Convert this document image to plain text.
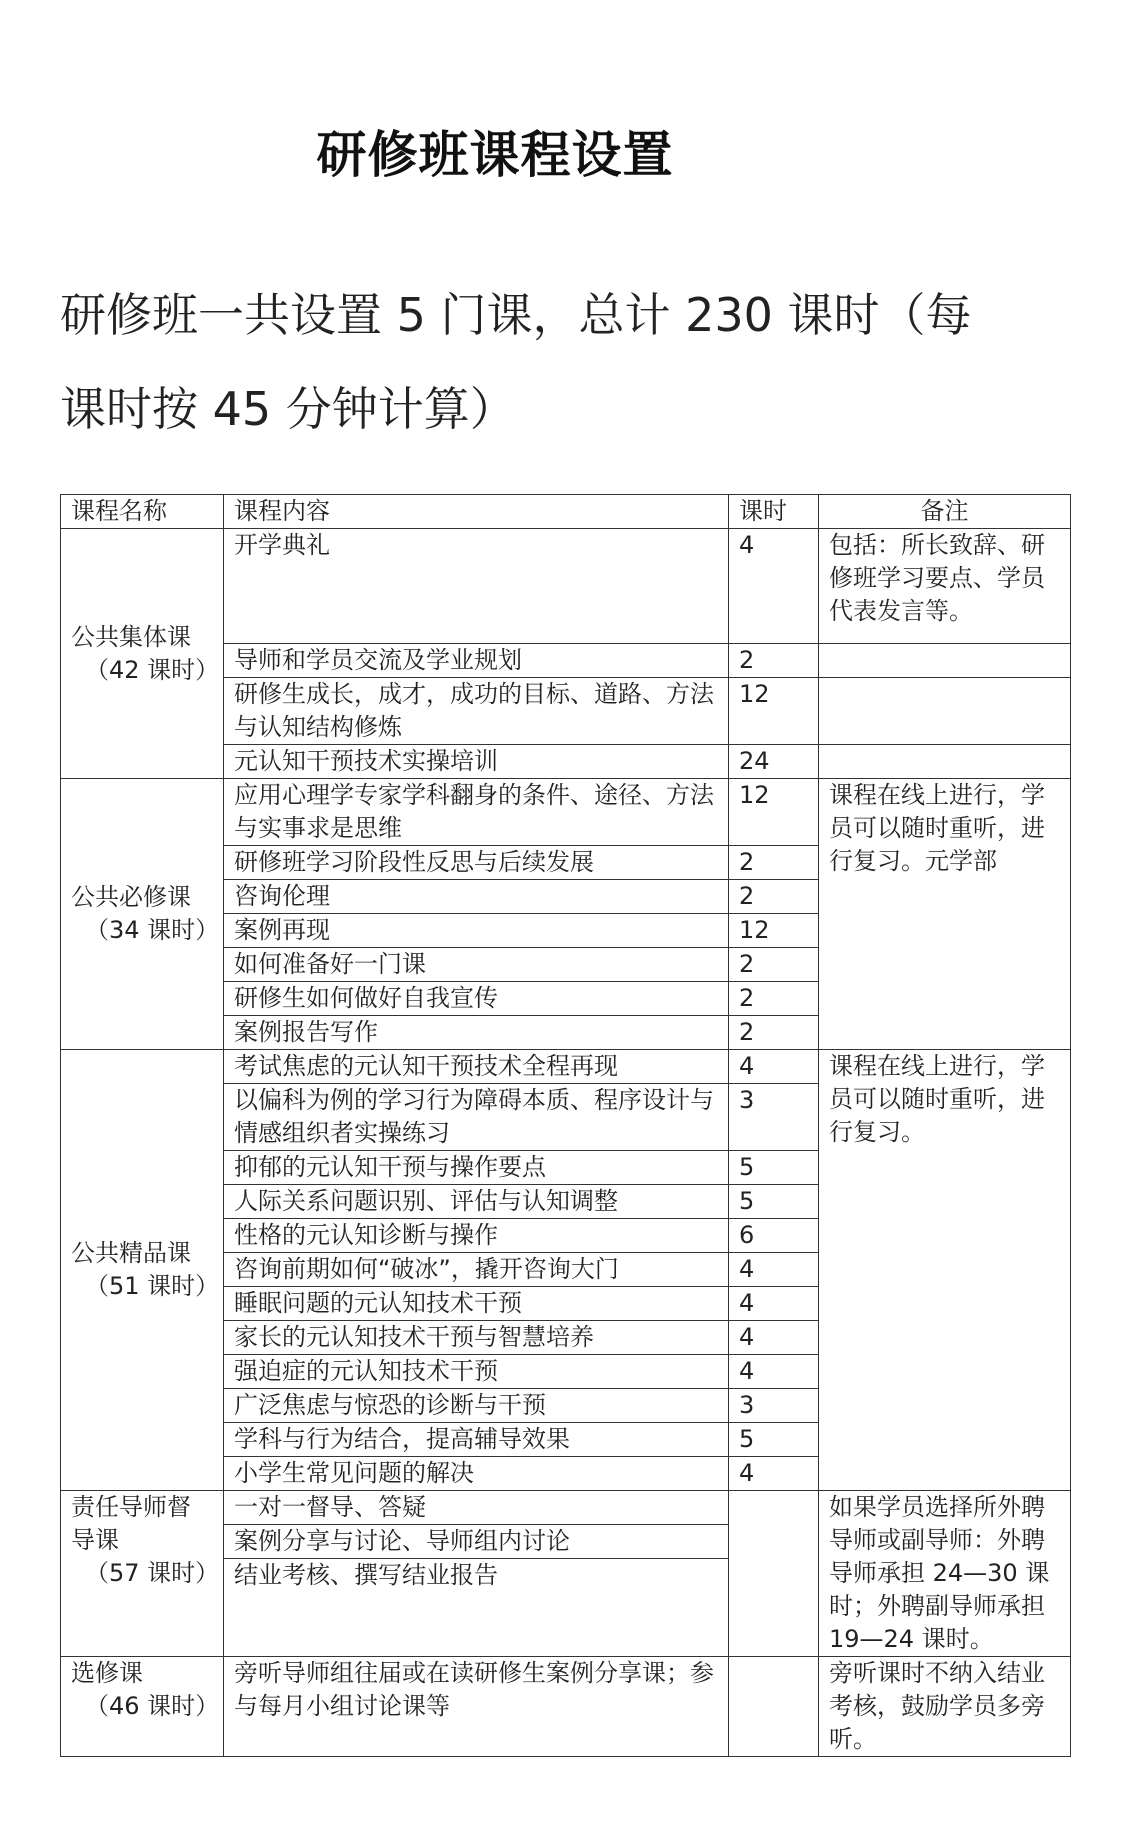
研修班课程设置

研修班一共设置 5 门课，总计 230 课时（每
课时按 45 分钟计算）

课程名称	课程内容	课时	备注

公共集体课
（42 课时）	开学典礼	4	包括：所长致辞、研修班学习要点、学员代表发言等。
	导师和学员交流及学业规划	2	
	研修生成长，成才，成功的目标、道路、方法与认知结构修炼	12	
	元认知干预技术实操培训	24	

公共必修课
（34 课时）	应用心理学专家学科翻身的条件、途径、方法与实事求是思维	12	课程在线上进行，学员可以随时重听，进行复习。元学部
	研修班学习阶段性反思与后续发展	2	
	咨询伦理	2	
	案例再现	12	
	如何准备好一门课	2	
	研修生如何做好自我宣传	2	
	案例报告写作	2	

公共精品课
（51 课时）	考试焦虑的元认知干预技术全程再现	4	课程在线上进行，学员可以随时重听，进行复习。
	以偏科为例的学习行为障碍本质、程序设计与情感组织者实操练习	3	
	抑郁的元认知干预与操作要点	5	
	人际关系问题识别、评估与认知调整	5	
	性格的元认知诊断与操作	6	
	咨询前期如何“破冰”，撬开咨询大门	4	
	睡眠问题的元认知技术干预	4	
	家长的元认知技术干预与智慧培养	4	
	强迫症的元认知技术干预	4	
	广泛焦虑与惊恐的诊断与干预	3	
	学科与行为结合，提高辅导效果	5	
	小学生常见问题的解决	4	

责任导师督导课
（57 课时）	一对一督导、答疑		如果学员选择所外聘导师或副导师：外聘导师承担 24—30 课时；外聘副导师承担 19—24 课时。
	案例分享与讨论、导师组内讨论		
	结业考核、撰写结业报告		

选修课
（46 课时）	旁听导师组往届或在读研修生案例分享课；参与每月小组讨论课等		旁听课时不纳入结业考核，鼓励学员多旁听。
